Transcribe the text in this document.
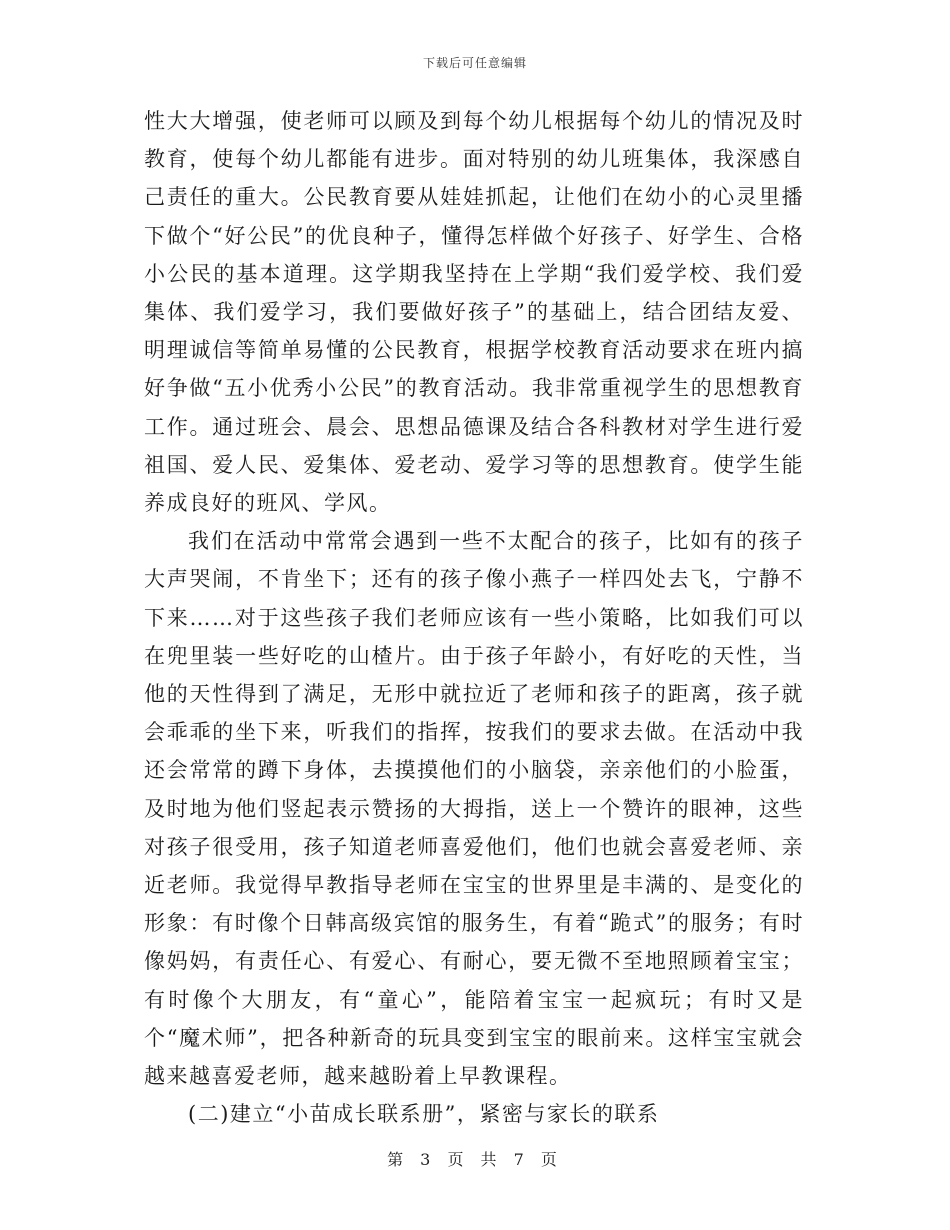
下载后可任意编辑

性大大增强，使老师可以顾及到每个幼儿根据每个幼儿的情况及时教育，使每个幼儿都能有进步。面对特别的幼儿班集体，我深感自己责任的重大。公民教育要从娃娃抓起，让他们在幼小的心灵里播下做个“好公民”的优良种子，懂得怎样做个好孩子、好学生、合格小公民的基本道理。这学期我坚持在上学期“我们爱学校、我们爱集体、我们爱学习，我们要做好孩子”的基础上，结合团结友爱、明理诚信等简单易懂的公民教育，根据学校教育活动要求在班内搞好争做“五小优秀小公民”的教育活动。我非常重视学生的思想教育工作。通过班会、晨会、思想品德课及结合各科教材对学生进行爱祖国、爱人民、爱集体、爱老动、爱学习等的思想教育。使学生能养成良好的班风、学风。

我们在活动中常常会遇到一些不太配合的孩子，比如有的孩子大声哭闹，不肯坐下；还有的孩子像小燕子一样四处去飞，宁静不下来……对于这些孩子我们老师应该有一些小策略，比如我们可以在兜里装一些好吃的山楂片。由于孩子年龄小，有好吃的天性，当他的天性得到了满足，无形中就拉近了老师和孩子的距离，孩子就会乖乖的坐下来，听我们的指挥，按我们的要求去做。在活动中我还会常常的蹲下身体，去摸摸他们的小脑袋，亲亲他们的小脸蛋，及时地为他们竖起表示赞扬的大拇指，送上一个赞许的眼神，这些对孩子很受用，孩子知道老师喜爱他们，他们也就会喜爱老师、亲近老师。我觉得早教指导老师在宝宝的世界里是丰满的、是变化的形象：有时像个日韩高级宾馆的服务生，有着“跪式”的服务；有时像妈妈，有责任心、有爱心、有耐心，要无微不至地照顾着宝宝；有时像个大朋友，有“童心”，能陪着宝宝一起疯玩；有时又是个“魔术师”，把各种新奇的玩具变到宝宝的眼前来。这样宝宝就会越来越喜爱老师，越来越盼着上早教课程。

(二)建立“小苗成长联系册”，紧密与家长的联系

第 3 页 共 7 页
